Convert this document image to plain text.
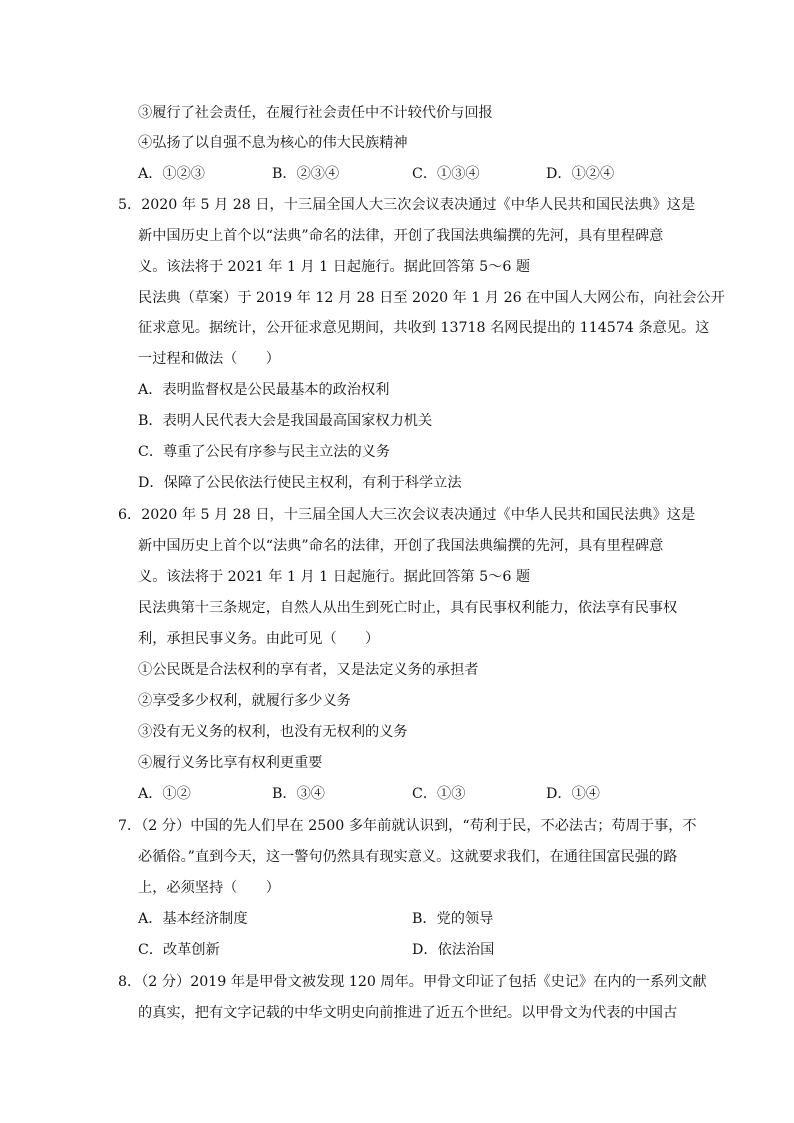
③履行了社会责任，在履行社会责任中不计较代价与回报
④弘扬了以自强不息为核心的伟大民族精神
A．①②③	B．②③④	C．①③④	D．①②④
5．2020 年 5 月 28 日，十三届全国人大三次会议表决通过《中华人民共和国民法典》这是
新中国历史上首个以“法典”命名的法律，开创了我国法典编撰的先河，具有里程碑意
义。该法将于 2021 年 1 月 1 日起施行。据此回答第 5～6 题
民法典（草案）于 2019 年 12 月 28 日至 2020 年 1 月 26 在中国人大网公布，向社会公开
征求意见。据统计，公开征求意见期间，共收到 13718 名网民提出的 114574 条意见。这
一过程和做法（　　）
A．表明监督权是公民最基本的政治权利
B．表明人民代表大会是我国最高国家权力机关
C．尊重了公民有序参与民主立法的义务
D．保障了公民依法行使民主权利，有利于科学立法
6．2020 年 5 月 28 日，十三届全国人大三次会议表决通过《中华人民共和国民法典》这是
新中国历史上首个以“法典”命名的法律，开创了我国法典编撰的先河，具有里程碑意
义。该法将于 2021 年 1 月 1 日起施行。据此回答第 5～6 题
民法典第十三条规定，自然人从出生到死亡时止，具有民事权利能力，依法享有民事权
利，承担民事义务。由此可见（　　）
①公民既是合法权利的享有者，又是法定义务的承担者
②享受多少权利，就履行多少义务
③没有无义务的权利，也没有无权利的义务
④履行义务比享有权利更重要
A．①②	B．③④	C．①③	D．①④
7．（2 分）中国的先人们早在 2500 多年前就认识到，“苟利于民，不必法古；苟周于事，不
必循俗。”直到今天，这一警句仍然具有现实意义。这就要求我们，在通往国富民强的路
上，必须坚持（　　）
A．基本经济制度	B．党的领导
C．改革创新	D．依法治国
8．（2 分）2019 年是甲骨文被发现 120 周年。甲骨文印证了包括《史记》在内的一系列文献
的真实，把有文字记载的中华文明史向前推进了近五个世纪。以甲骨文为代表的中国古
